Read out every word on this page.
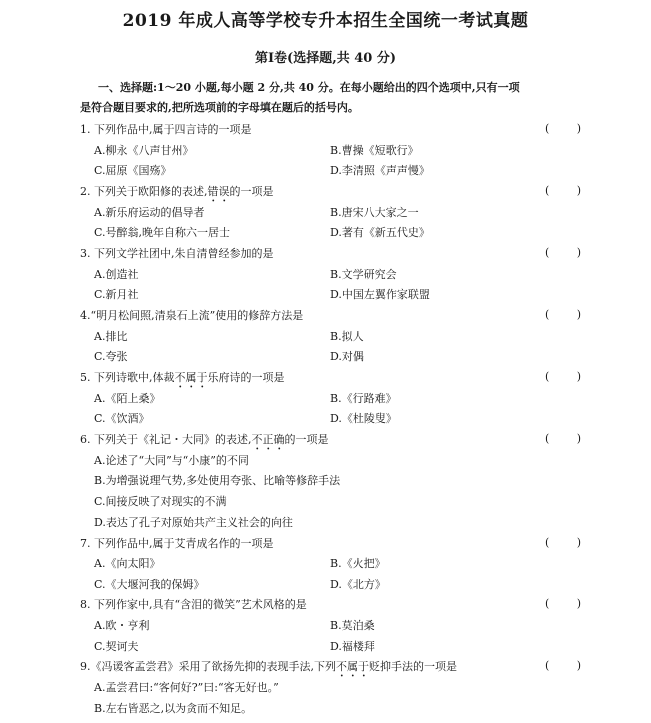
2019 年成人高等学校专升本招生全国统一考试真题
第Ⅰ卷(选择题,共 40 分)
一、选择题:1～20 小题,每小题 2 分,共 40 分。在每小题给出的四个选项中,只有一项
是符合题目要求的,把所选项前的字母填在题后的括号内。
1. 下列作品中,属于四言诗的一项是	( )
A.柳永《八声甘州》	B.曹操《短歌行》
C.屈原《国殇》	D.李清照《声声慢》
2. 下列关于欧阳修的表述,错误的一项是	( )
A.新乐府运动的倡导者	B.唐宋八大家之一
C.号醉翁,晚年自称六一居士	D.著有《新五代史》
3. 下列文学社团中,朱自清曾经参加的是	( )
A.创造社	B.文学研究会
C.新月社	D.中国左翼作家联盟
4.“明月松间照,清泉石上流”使用的修辞方法是	( )
A.排比	B.拟人
C.夸张	D.对偶
5. 下列诗歌中,体裁不属于乐府诗的一项是	( )
A.《陌上桑》	B.《行路难》
C.《饮酒》	D.《杜陵叟》
6. 下列关于《礼记・大同》的表述,不正确的一项是	( )
A.论述了“大同”与“小康”的不同
B.为增强说理气势,多处使用夸张、比喻等修辞手法
C.间接反映了对现实的不满
D.表达了孔子对原始共产主义社会的向往
7. 下列作品中,属于艾青成名作的一项是	( )
A.《向太阳》	B.《火把》
C.《大堰河我的保姆》	D.《北方》
8. 下列作家中,具有“含泪的微笑”艺术风格的是	( )
A.欧・亨利	B.莫泊桑
C.契诃夫	D.福楼拜
9.《冯谖客孟尝君》采用了欲扬先抑的表现手法,下列不属于贬抑手法的一项是	( )
A.孟尝君曰:“客何好?”曰:“客无好也。”
B.左右皆恶之,以为贪而不知足。
